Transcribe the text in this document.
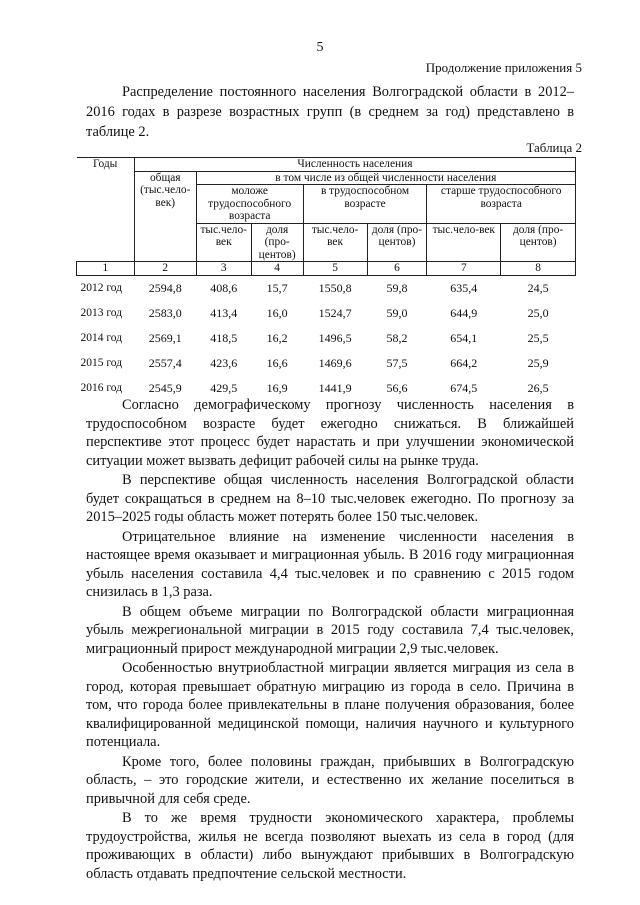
5
Продолжение приложения 5

Распределение постоянного населения Волгоградской области в 2012–2016 годах в разрезе возрастных групп (в среднем за год) представлено в таблице 2.

Таблица 2
Годы	Численность населения						
	общая (тыс.чело-век)	в том числе из общей численности населения					
		моложе трудоспособного возраста		в трудоспособном возрасте		старше трудоспособного возраста	
		тыс.чело-век	доля (про-центов)	тыс.чело-век	доля (про-центов)	тыс.чело-век	доля (про-центов)
1	2	3	4	5	6	7	8
2012 год	2594,8	408,6	15,7	1550,8	59,8	635,4	24,5
2013 год	2583,0	413,4	16,0	1524,7	59,0	644,9	25,0
2014 год	2569,1	418,5	16,2	1496,5	58,2	654,1	25,5
2015 год	2557,4	423,6	16,6	1469,6	57,5	664,2	25,9
2016 год	2545,9	429,5	16,9	1441,9	56,6	674,5	26,5

Согласно демографическому прогнозу численность населения в трудоспособном возрасте будет ежегодно снижаться. В ближайшей перспективе этот процесс будет нарастать и при улучшении экономической ситуации может вызвать дефицит рабочей силы на рынке труда.

В перспективе общая численность населения Волгоградской области будет сокращаться в среднем на 8–10 тыс.человек ежегодно. По прогнозу за 2015–2025 годы область может потерять более 150 тыс.человек.

Отрицательное влияние на изменение численности населения в настоящее время оказывает и миграционная убыль. В 2016 году миграционная убыль населения составила 4,4 тыс.человек и по сравнению с 2015 годом снизилась в 1,3 раза.

В общем объеме миграции по Волгоградской области миграционная убыль межрегиональной миграции в 2015 году составила 7,4 тыс.человек, миграционный прирост международной миграции 2,9 тыс.человек.

Особенностью внутриобластной миграции является миграция из села в город, которая превышает обратную миграцию из города в село. Причина в том, что города более привлекательны в плане получения образования, более квалифицированной медицинской помощи, наличия научного и культурного потенциала.

Кроме того, более половины граждан, прибывших в Волгоградскую область, – это городские жители, и естественно их желание поселиться в привычной для себя среде.

В то же время трудности экономического характера, проблемы трудоустройства, жилья не всегда позволяют выехать из села в город (для проживающих в области) либо вынуждают прибывших в Волгоградскую область отдавать предпочтение сельской местности.
